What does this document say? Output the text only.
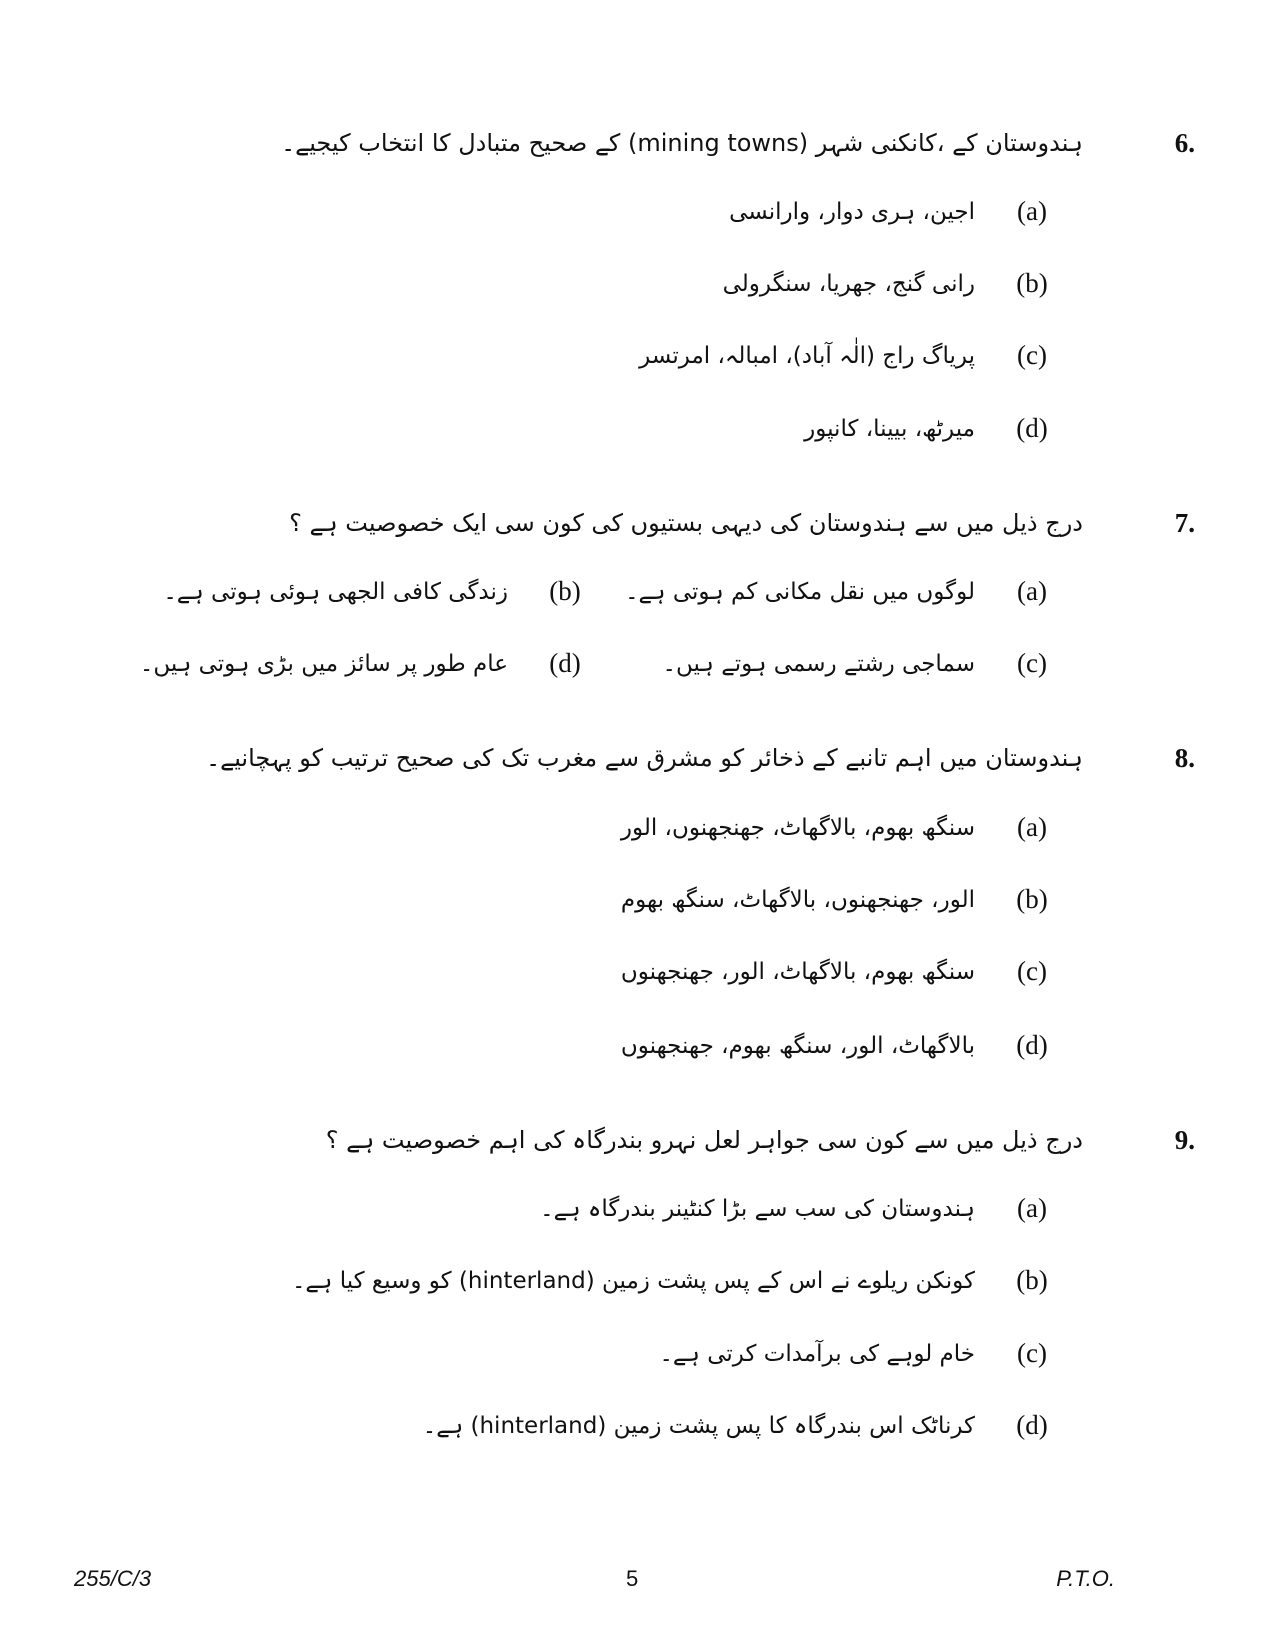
6.
ہندوستان کے ،کانکنی شہر (mining towns) کے صحیح متبادل کا انتخاب کیجیے۔
(a)
اجین، ہری دوار، وارانسی
(b)
رانی گنج، جھریا، سنگرولی
(c)
پریاگ راج (الٰہ آباد)، امبالہ، امرتسر
(d)
میرٹھ، بیینا، کانپور
7.
درج ذیل میں سے ہندوستان کی دیہی بستیوں کی کون سی ایک خصوصیت ہے ؟
(a)
لوگوں میں نقل مکانی کم ہوتی ہے۔
(b)
زندگی کافی الجھی ہوئی ہوتی ہے۔
(c)
سماجی رشتے رسمی ہوتے ہیں۔
(d)
عام طور پر سائز میں بڑی ہوتی ہیں۔
8.
ہندوستان میں اہم تانبے کے ذخائر کو مشرق سے مغرب تک کی صحیح ترتیب کو پہچانیے۔
(a)
سنگھ بھوم، بالاگھاٹ، جھنجھنوں، الور
(b)
الور، جھنجھنوں، بالاگھاٹ، سنگھ بھوم
(c)
سنگھ بھوم، بالاگھاٹ، الور، جھنجھنوں
(d)
بالاگھاٹ، الور، سنگھ بھوم، جھنجھنوں
9.
درج ذیل میں سے کون سی جواہر لعل نہرو بندرگاہ کی اہم خصوصیت ہے ؟
(a)
ہندوستان کی سب سے بڑا کنٹینر بندرگاہ ہے۔
(b)
کونکن ریلوے نے اس کے پس پشت زمین (hinterland) کو وسیع کیا ہے۔
(c)
خام لوہے کی برآمدات کرتی ہے۔
(d)
کرناٹک اس بندرگاہ کا پس پشت زمین (hinterland) ہے۔
255/C/3	5	P.T.O.
